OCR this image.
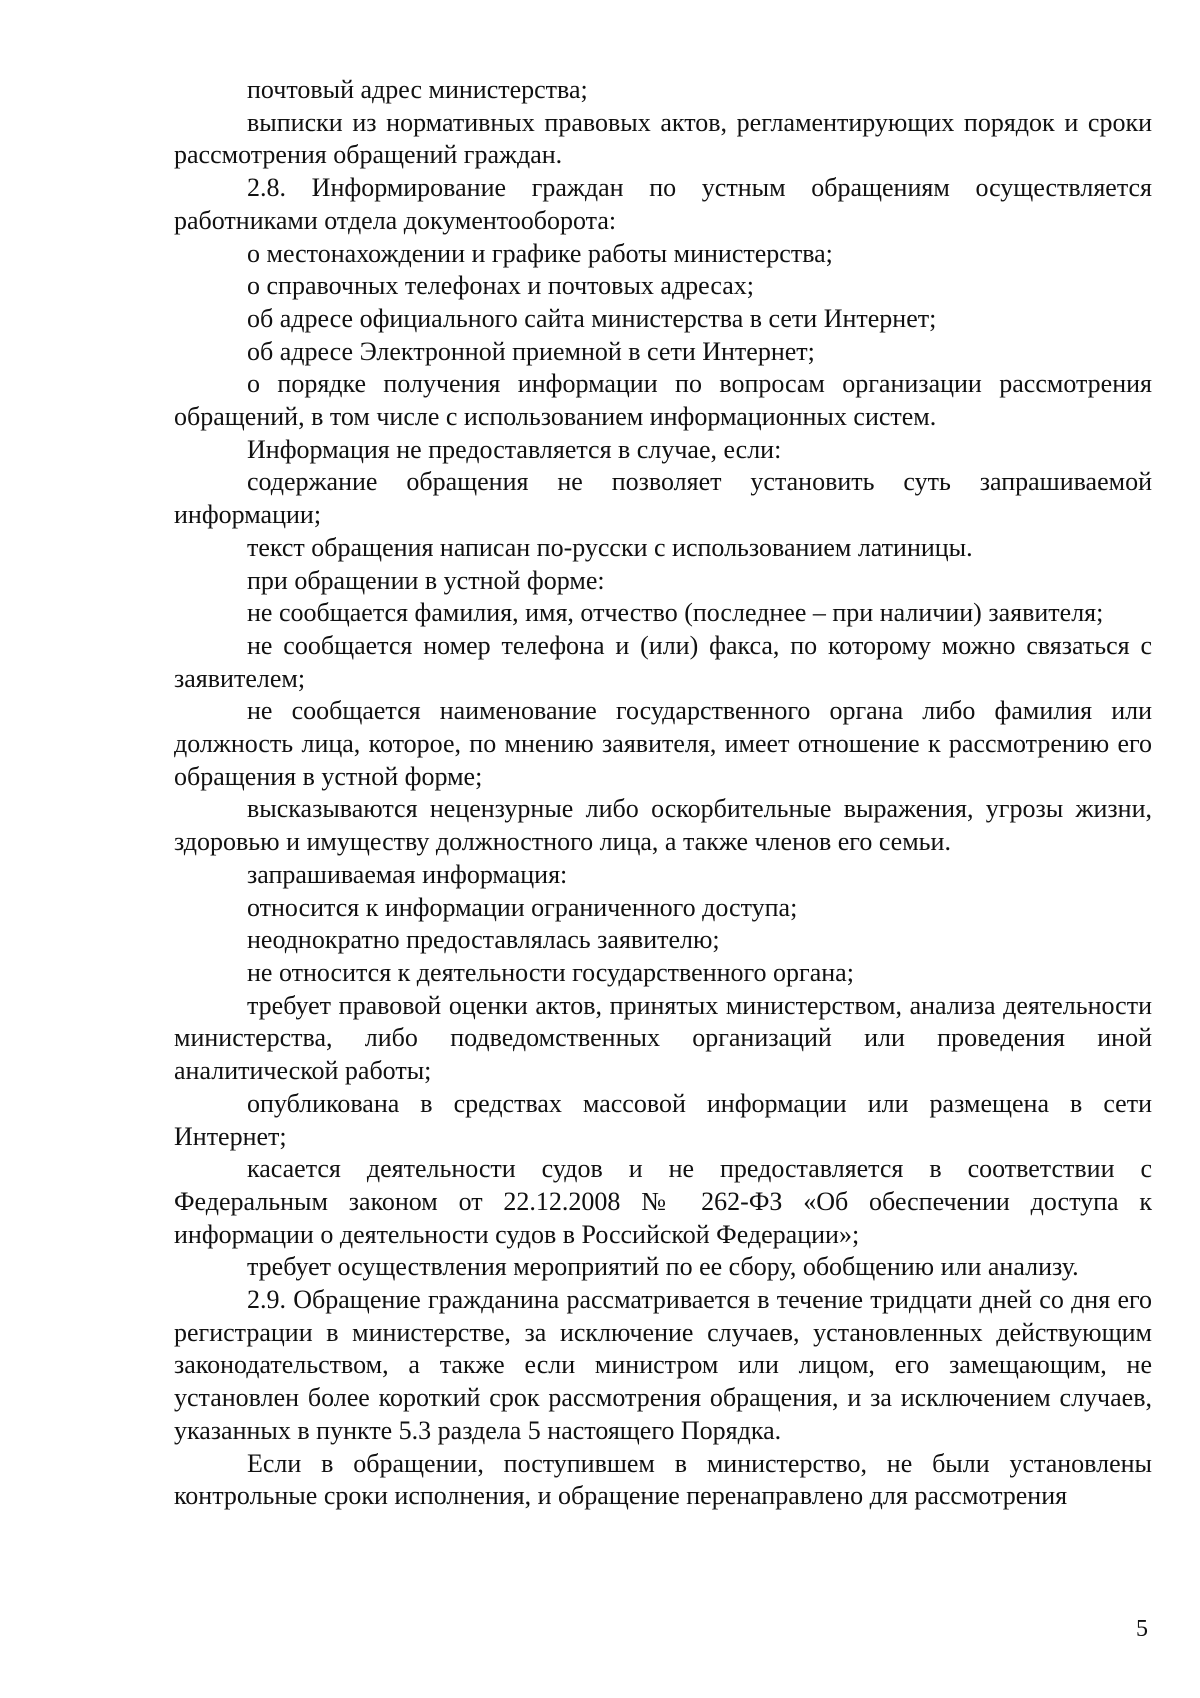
почтовый адрес министерства;

выписки из нормативных правовых актов, регламентирующих порядок и сроки рассмотрения обращений граждан.

2.8. Информирование граждан по устным обращениям осуществляется работниками отдела документооборота:

о местонахождении и графике работы министерства;

о справочных телефонах и почтовых адресах;

об адресе официального сайта министерства в сети Интернет;

об адресе Электронной приемной в сети Интернет;

о порядке получения информации по вопросам организации рассмотрения обращений, в том числе с использованием информационных систем.

Информация не предоставляется в случае, если:

содержание обращения не позволяет установить суть запрашиваемой информации;

текст обращения написан по-русски с использованием латиницы.

при обращении в устной форме:

не сообщается фамилия, имя, отчество (последнее – при наличии) заявителя;

не сообщается номер телефона и (или) факса, по которому можно связаться с заявителем;

не сообщается наименование государственного органа либо фамилия или должность лица, которое, по мнению заявителя, имеет отношение к рассмотрению его обращения в устной форме;

высказываются нецензурные либо оскорбительные выражения, угрозы жизни, здоровью и имуществу должностного лица, а также членов его семьи.

запрашиваемая информация:

относится к информации ограниченного доступа;

неоднократно предоставлялась заявителю;

не относится к деятельности государственного органа;

требует правовой оценки актов, принятых министерством, анализа деятельности министерства, либо подведомственных организаций или проведения иной аналитической работы;

опубликована в средствах массовой информации или размещена в сети Интернет;

касается деятельности судов и не предоставляется в соответствии с Федеральным законом от 22.12.2008 № 262-ФЗ «Об обеспечении доступа к информации о деятельности судов в Российской Федерации»;

требует осуществления мероприятий по ее сбору, обобщению или анализу.

2.9. Обращение гражданина рассматривается в течение тридцати дней со дня его регистрации в министерстве, за исключение случаев, установленных действующим законодательством, а также если министром или лицом, его замещающим, не установлен более короткий срок рассмотрения обращения, и за исключением случаев, указанных в пункте 5.3 раздела 5 настоящего Порядка.

Если в обращении, поступившем в министерство, не были установлены контрольные сроки исполнения, и обращение перенаправлено для рассмотрения

5
